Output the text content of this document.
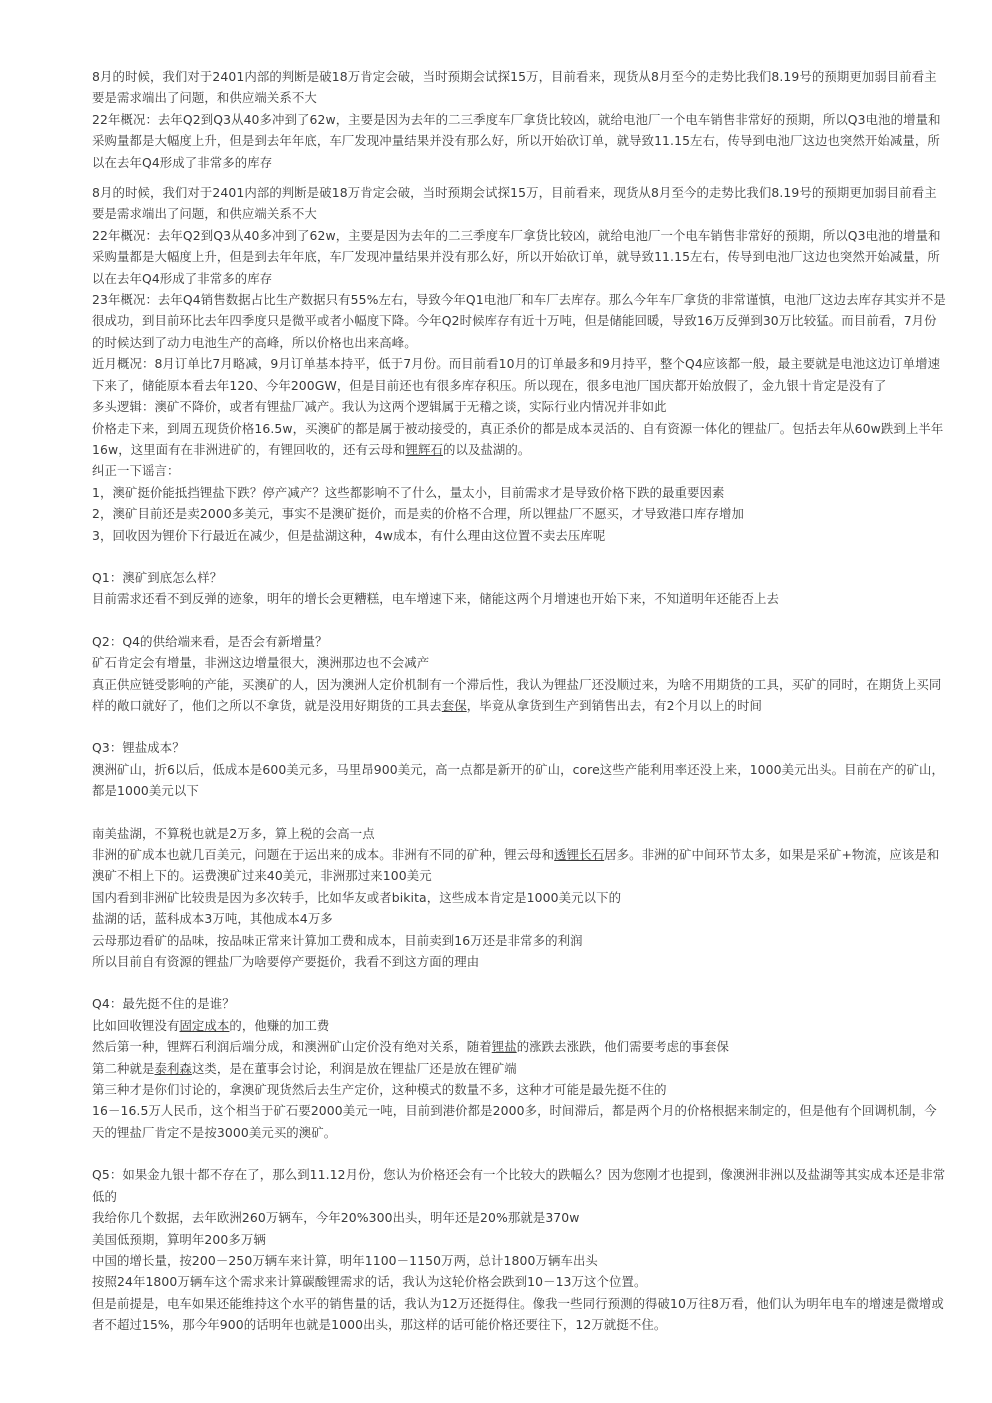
8月的时候，我们对于2401内部的判断是破18万肯定会破，当时预期会试探15万，目前看来，现货从8月至今的走势比我们8.19号的预期更加弱目前看主要是需求端出了问题，和供应端关系不大

22年概况：去年Q2到Q3从40多冲到了62w，主要是因为去年的二三季度车厂拿货比较凶，就给电池厂一个电车销售非常好的预期，所以Q3电池的增量和采购量都是大幅度上升，但是到去年年底，车厂发现冲量结果并没有那么好，所以开始砍订单，就导致11.15左右，传导到电池厂这边也突然开始减量，所以在去年Q4形成了非常多的库存

8月的时候，我们对于2401内部的判断是破18万肯定会破，当时预期会试探15万，目前看来，现货从8月至今的走势比我们8.19号的预期更加弱目前看主要是需求端出了问题，和供应端关系不大

22年概况：去年Q2到Q3从40多冲到了62w，主要是因为去年的二三季度车厂拿货比较凶，就给电池厂一个电车销售非常好的预期，所以Q3电池的增量和采购量都是大幅度上升，但是到去年年底，车厂发现冲量结果并没有那么好，所以开始砍订单，就导致11.15左右，传导到电池厂这边也突然开始减量，所以在去年Q4形成了非常多的库存

23年概况：去年Q4销售数据占比生产数据只有55%左右，导致今年Q1电池厂和车厂去库存。那么今年车厂拿货的非常谨慎，电池厂这边去库存其实并不是很成功，到目前环比去年四季度只是微平或者小幅度下降。今年Q2时候库存有近十万吨，但是储能回暖，导致16万反弹到30万比较猛。而目前看，7月份的时候达到了动力电池生产的高峰，所以价格也出来高峰。

近月概况：8月订单比7月略减，9月订单基本持平，低于7月份。而目前看10月的订单最多和9月持平，整个Q4应该都一般，最主要就是电池这边订单增速下来了，储能原本看去年120、今年200GW，但是目前还也有很多库存积压。所以现在，很多电池厂国庆都开始放假了，金九银十肯定是没有了

多头逻辑：澳矿不降价，或者有锂盐厂减产。我认为这两个逻辑属于无稽之谈，实际行业内情况并非如此

价格走下来，到周五现货价格16.5w，买澳矿的都是属于被动接受的，真正杀价的都是成本灵活的、自有资源一体化的锂盐厂。包括去年从60w跌到上半年16w，这里面有在非洲进矿的，有锂回收的，还有云母和锂辉石的以及盐湖的。

纠正一下谣言：

1，澳矿挺价能抵挡锂盐下跌？停产减产？这些都影响不了什么，量太小，目前需求才是导致价格下跌的最重要因素

2，澳矿目前还是卖2000多美元，事实不是澳矿挺价，而是卖的价格不合理，所以锂盐厂不愿买，才导致港口库存增加

3，回收因为锂价下行最近在减少，但是盐湖这种，4w成本，有什么理由这位置不卖去压库呢

Q1：澳矿到底怎么样？

目前需求还看不到反弹的迹象，明年的增长会更糟糕，电车增速下来，储能这两个月增速也开始下来，不知道明年还能否上去

Q2：Q4的供给端来看，是否会有新增量？

矿石肯定会有增量，非洲这边增量很大，澳洲那边也不会减产

真正供应链受影响的产能，买澳矿的人，因为澳洲人定价机制有一个滞后性，我认为锂盐厂还没顺过来，为啥不用期货的工具，买矿的同时，在期货上买同样的敞口就好了，他们之所以不拿货，就是没用好期货的工具去套保，毕竟从拿货到生产到销售出去，有2个月以上的时间

Q3：锂盐成本？

澳洲矿山，折6以后，低成本是600美元多，马里昂900美元，高一点都是新开的矿山，core这些产能利用率还没上来，1000美元出头。目前在产的矿山，都是1000美元以下

南美盐湖，不算税也就是2万多，算上税的会高一点

非洲的矿成本也就几百美元，问题在于运出来的成本。非洲有不同的矿种，锂云母和透锂长石居多。非洲的矿中间环节太多，如果是采矿+物流，应该是和澳矿不相上下的。运费澳矿过来40美元，非洲那过来100美元

国内看到非洲矿比较贵是因为多次转手，比如华友或者bikita，这些成本肯定是1000美元以下的

盐湖的话，蓝科成本3万吨，其他成本4万多

云母那边看矿的品味，按品味正常来计算加工费和成本，目前卖到16万还是非常多的利润

所以目前自有资源的锂盐厂为啥要停产要挺价，我看不到这方面的理由

Q4：最先挺不住的是谁？

比如回收锂没有固定成本的，他赚的加工费

然后第一种，锂辉石利润后端分成，和澳洲矿山定价没有绝对关系，随着锂盐的涨跌去涨跌，他们需要考虑的事套保

第二种就是泰利森这类，是在董事会讨论，利润是放在锂盐厂还是放在锂矿端

第三种才是你们讨论的，拿澳矿现货然后去生产定价，这种模式的数量不多，这种才可能是最先挺不住的

16－16.5万人民币，这个相当于矿石要2000美元一吨，目前到港价都是2000多，时间滞后，都是两个月的价格根据来制定的，但是他有个回调机制，今天的锂盐厂肯定不是按3000美元买的澳矿。

Q5：如果金九银十都不存在了，那么到11.12月份，您认为价格还会有一个比较大的跌幅么？因为您刚才也提到，像澳洲非洲以及盐湖等其实成本还是非常低的

我给你几个数据，去年欧洲260万辆车，今年20%300出头，明年还是20%那就是370w

美国低预期，算明年200多万辆

中国的增长量，按200－250万辆车来计算，明年1100－1150万两，总计1800万辆车出头

按照24年1800万辆车这个需求来计算碳酸锂需求的话，我认为这轮价格会跌到10－13万这个位置。

但是前提是，电车如果还能维持这个水平的销售量的话，我认为12万还挺得住。像我一些同行预测的得破10万往8万看，他们认为明年电车的增速是微增或者不超过15%，那今年900的话明年也就是1000出头，那这样的话可能价格还要往下，12万就挺不住。
